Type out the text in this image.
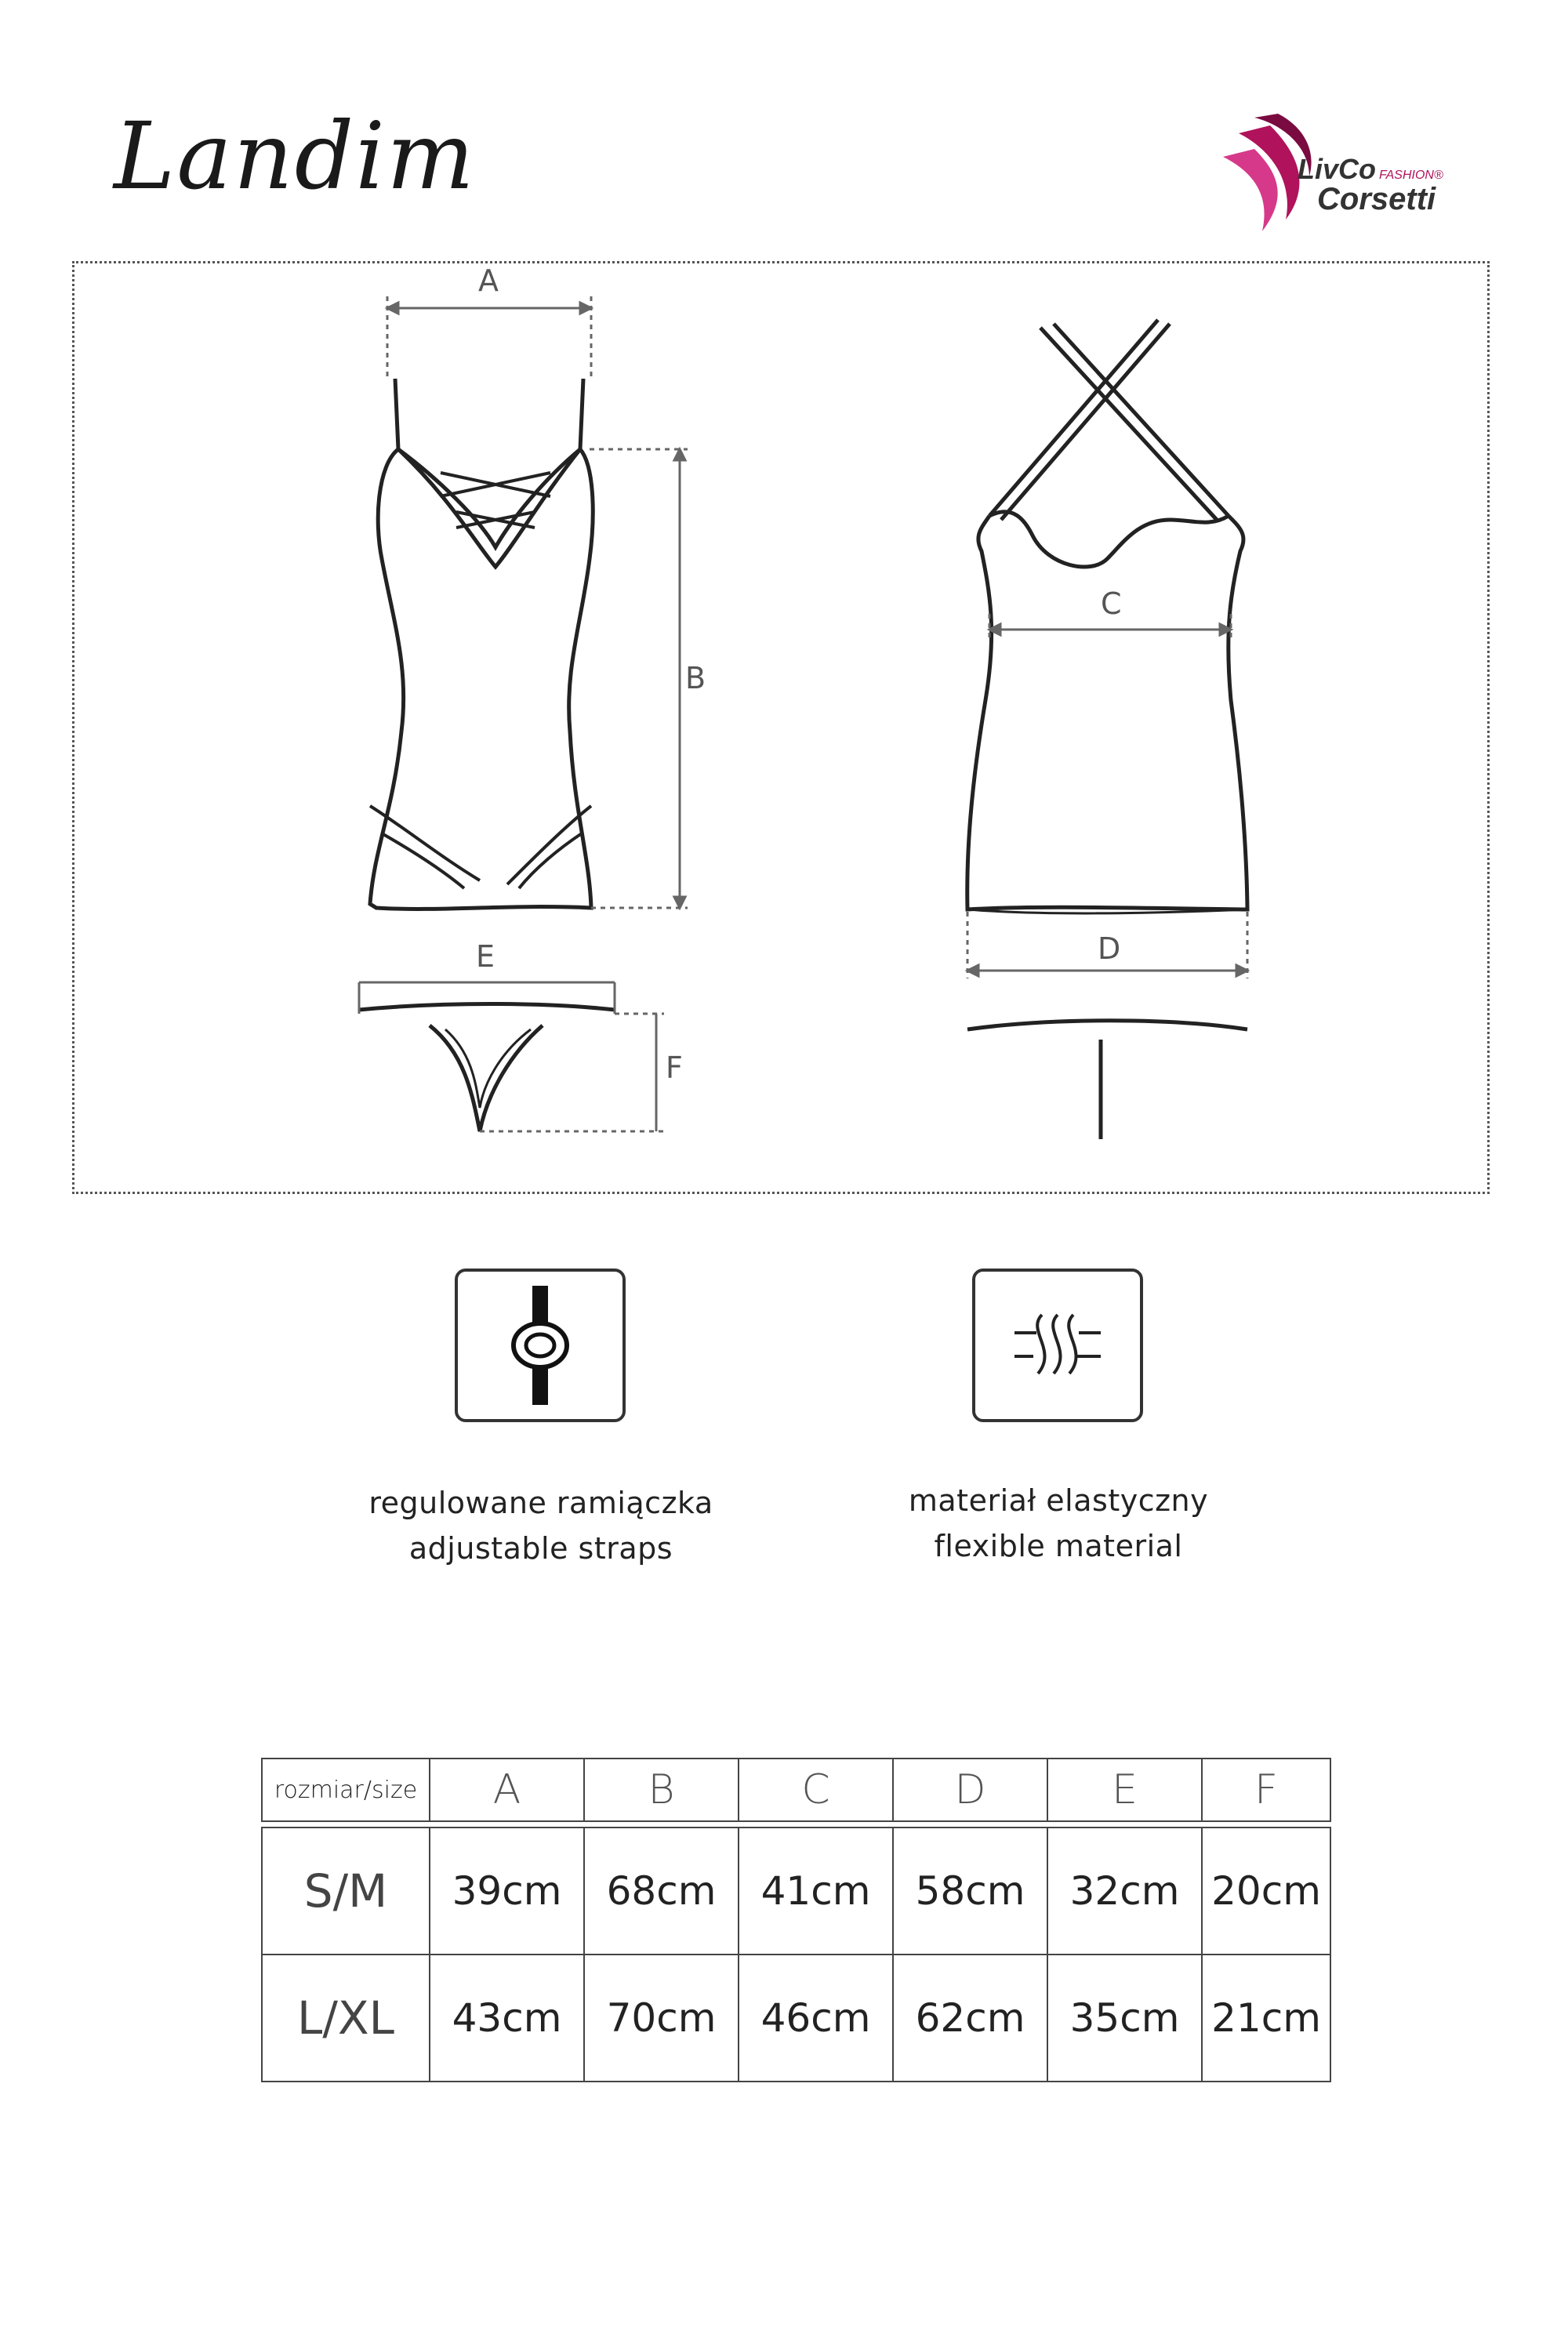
Landim	LivCo FASHION®
Corsetti
A
B
E
F
C
D
regulowane ramiączka
adjustable straps
materiał elastyczny
flexible material
rozmiar/size	A	B	C	D	E	F
S/M	39cm	68cm	41cm	58cm	32cm	20cm
L/XL	43cm	70cm	46cm	62cm	35cm	21cm
